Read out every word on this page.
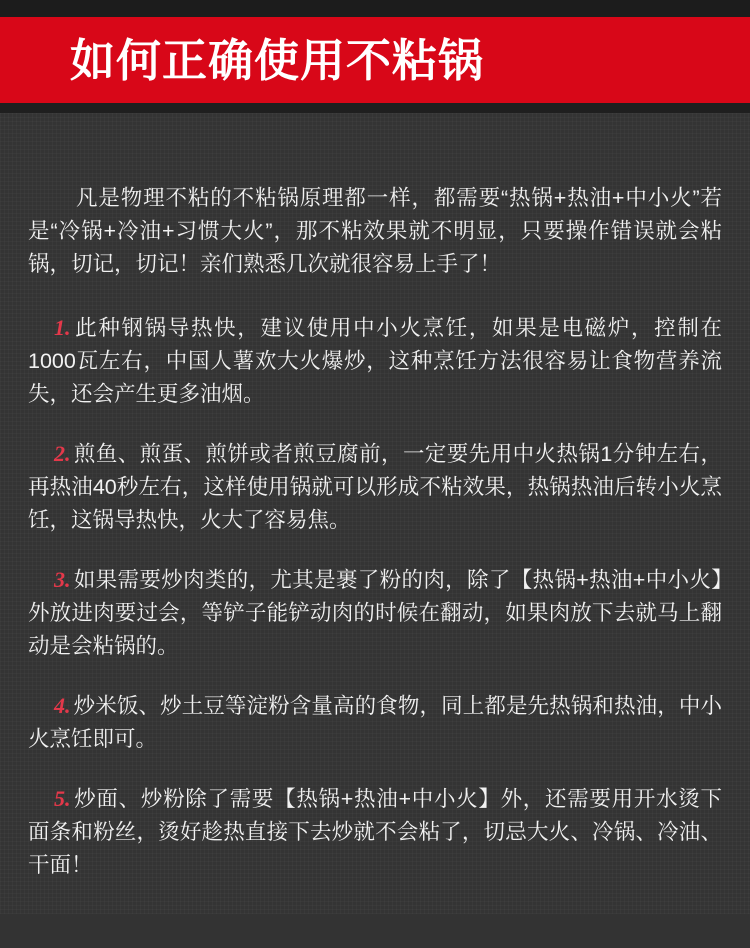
如何正确使用不粘锅

凡是物理不粘的不粘锅原理都一样，都需要“热锅+热油+中小火”若是“冷锅+冷油+习惯大火”，那不粘效果就不明显，只要操作错误就会粘锅，切记，切记！亲们熟悉几次就很容易上手了！

1. 此种钢锅导热快，建议使用中小火烹饪，如果是电磁炉，控制在1000瓦左右，中国人薯欢大火爆炒，这种烹饪方法很容易让食物营养流失，还会产生更多油烟。

2. 煎鱼、煎蛋、煎饼或者煎豆腐前，一定要先用中火热锅1分钟左右，再热油40秒左右，这样使用锅就可以形成不粘效果，热锅热油后转小火烹饪，这锅导热快，火大了容易焦。

3. 如果需要炒肉类的，尤其是裹了粉的肉，除了【热锅+热油+中小火】外放进肉要过会，等铲子能铲动肉的时候在翻动，如果肉放下去就马上翻动是会粘锅的。

4. 炒米饭、炒土豆等淀粉含量高的食物，同上都是先热锅和热油，中小火烹饪即可。

5. 炒面、炒粉除了需要【热锅+热油+中小火】外，还需要用开水烫下面条和粉丝，烫好趁热直接下去炒就不会粘了，切忌大火、冷锅、冷油、干面！
